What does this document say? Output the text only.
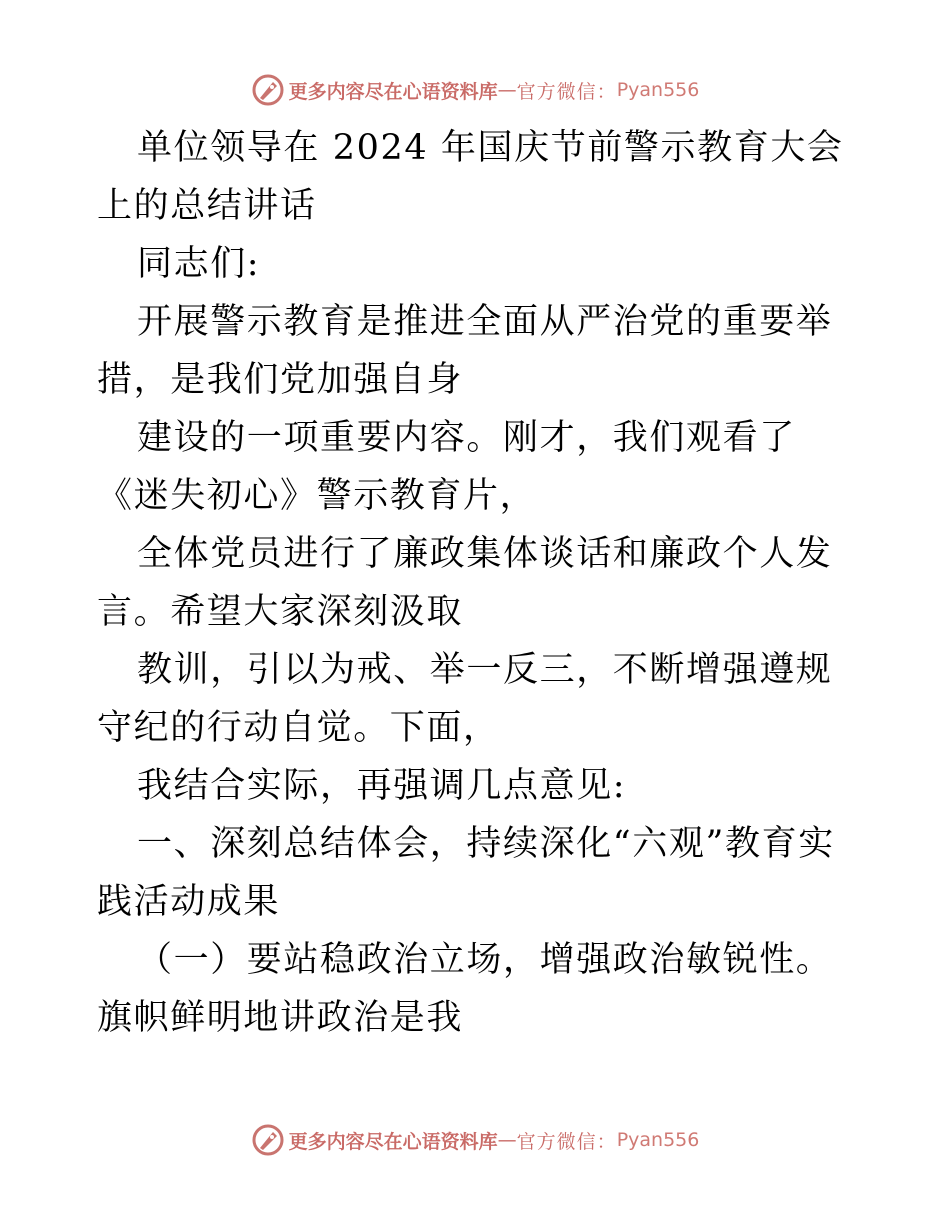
更多内容尽在心语资料库 — 官方微信： Pyan556

单位领导在 2024 年国庆节前警示教育大会上的总结讲话

同志们:

开展警示教育是推进全面从严治党的重要举措，是我们党加强自身

建设的一项重要内容。刚才，我们观看了《迷失初心》警示教育片，

全体党员进行了廉政集体谈话和廉政个人发言。希望大家深刻汲取

教训，引以为戒、举一反三，不断增强遵规守纪的行动自觉。下面，

我结合实际，再强调几点意见:

一、深刻总结体会，持续深化“六观”教育实践活动成果

（一）要站稳政治立场，增强政治敏锐性。旗帜鲜明地讲政治是我

更多内容尽在心语资料库 — 官方微信： Pyan556
